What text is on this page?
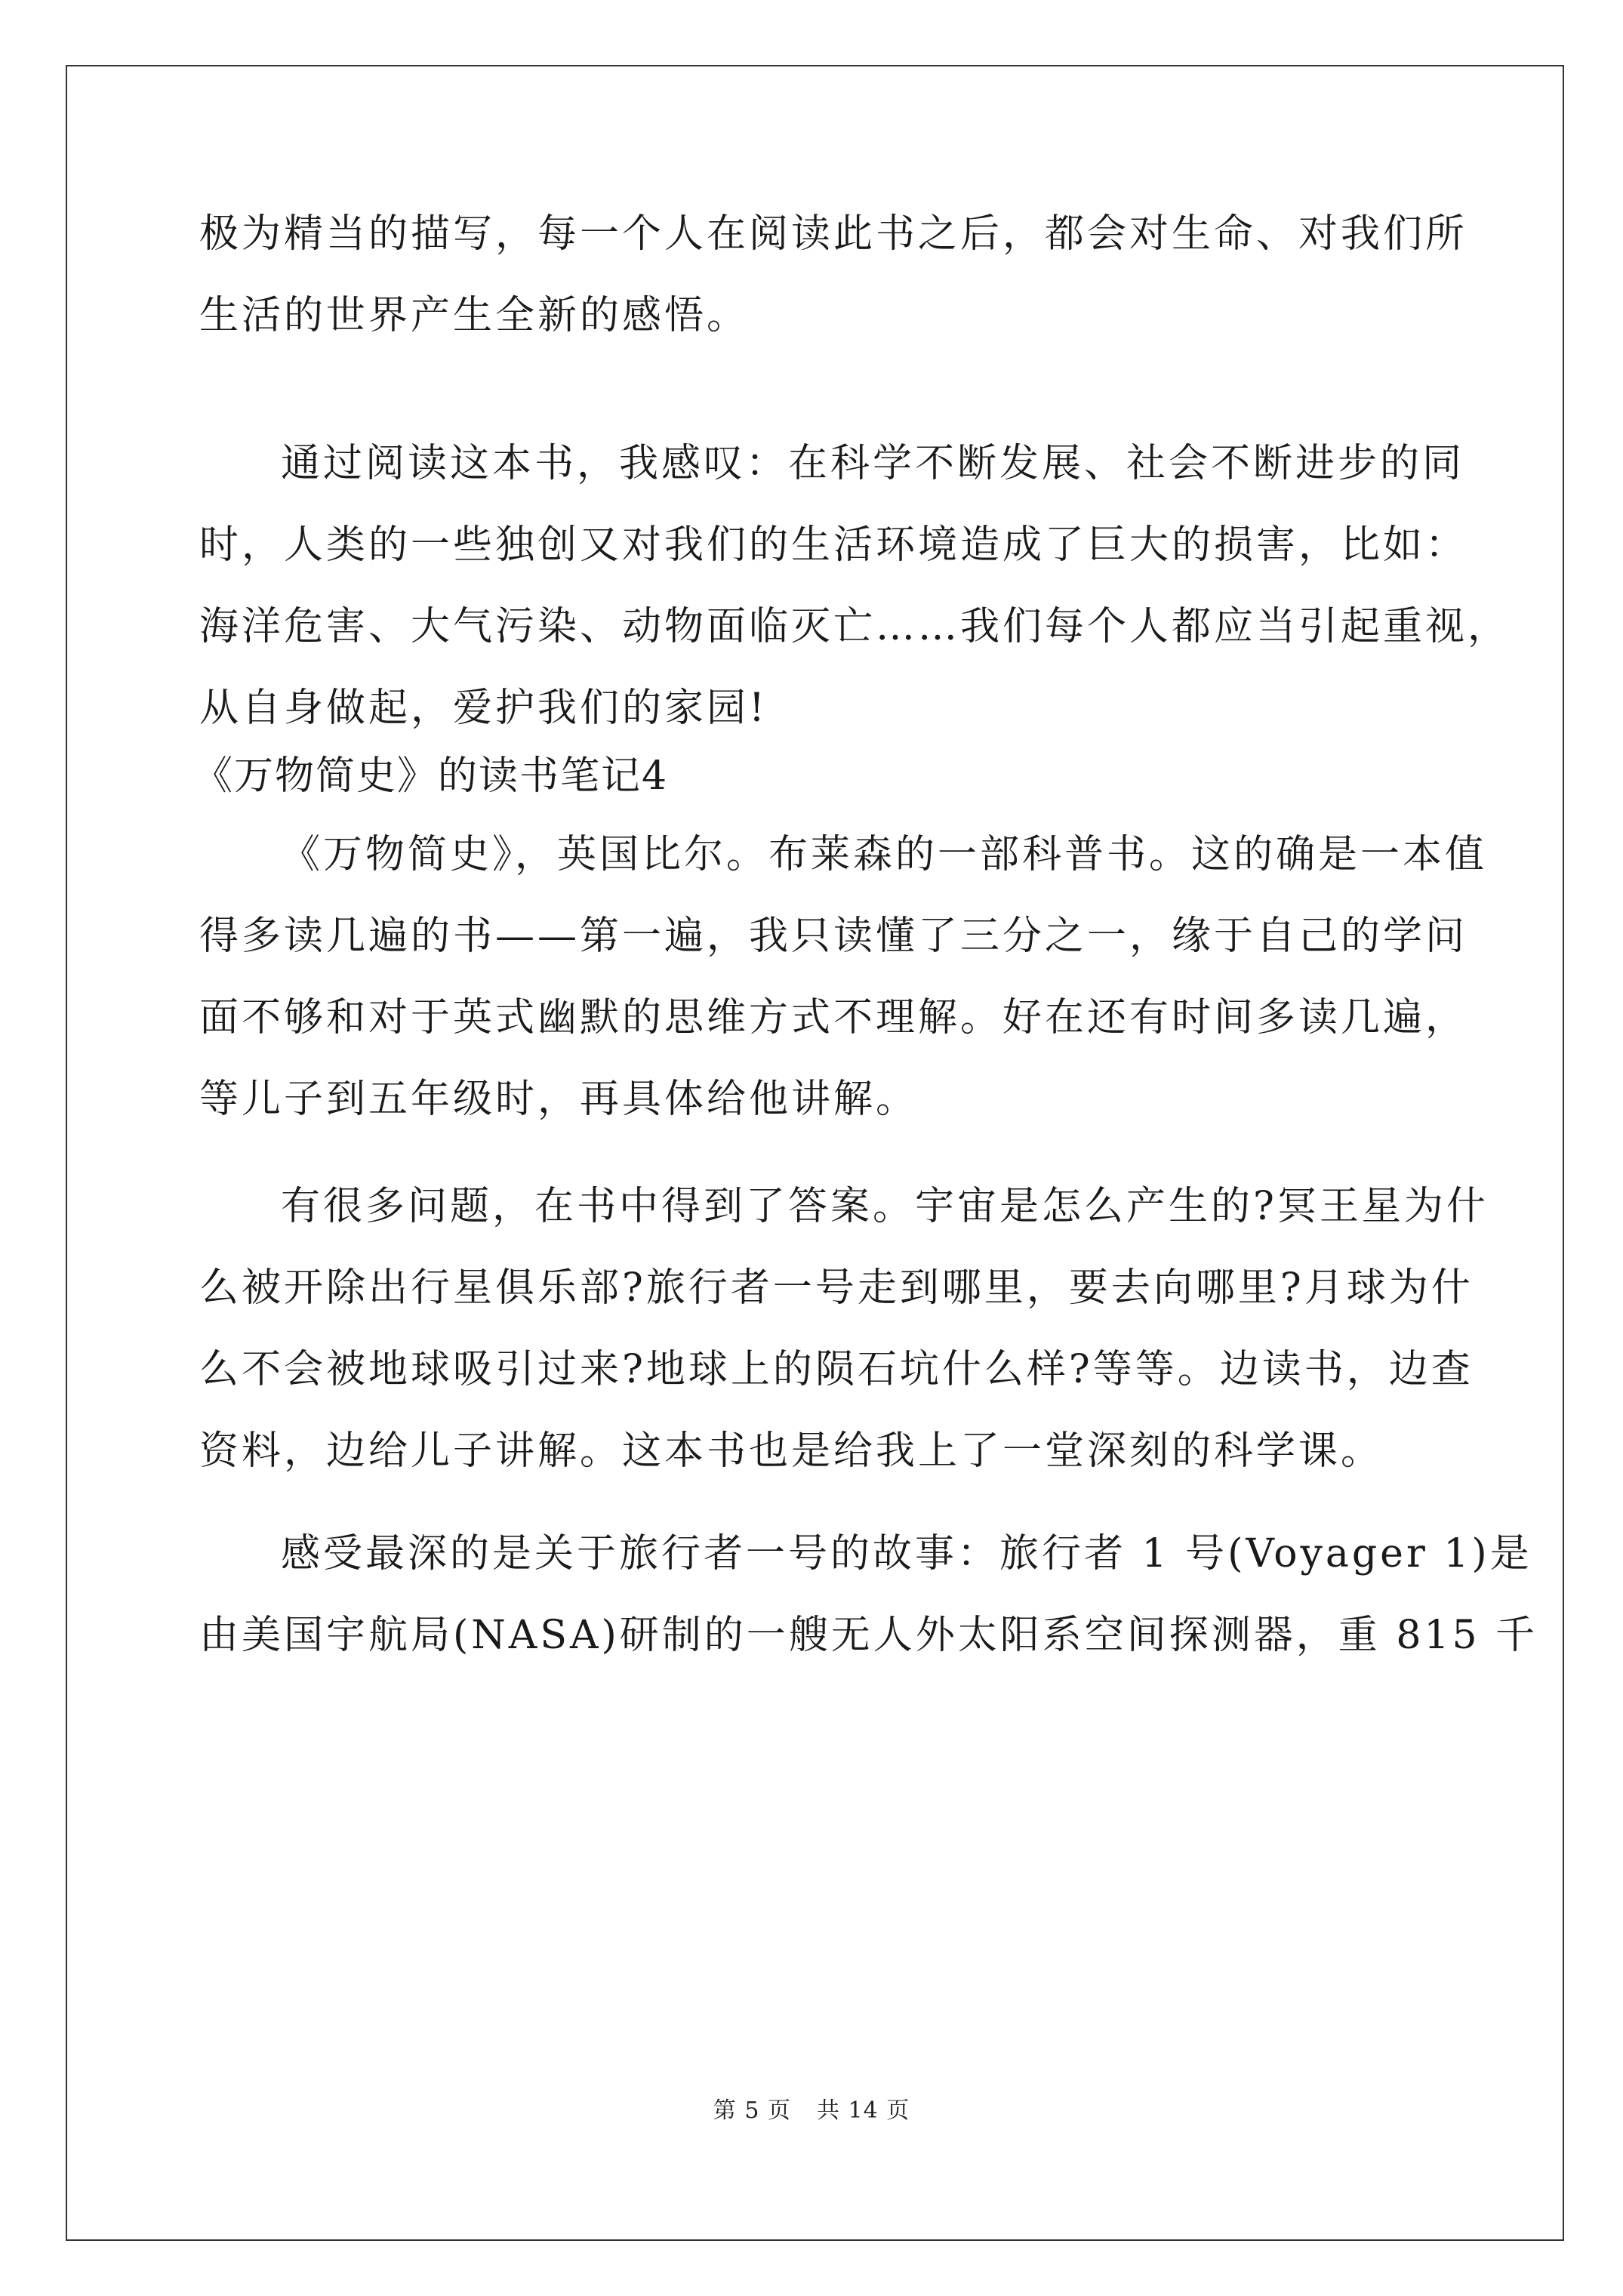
极为精当的描写，每一个人在阅读此书之后，都会对生命、对我们所
生活的世界产生全新的感悟。
通过阅读这本书，我感叹：在科学不断发展、社会不断进步的同
时，人类的一些独创又对我们的生活环境造成了巨大的损害，比如：
海洋危害、大气污染、动物面临灭亡……我们每个人都应当引起重视，
从自身做起，爱护我们的家园!
《万物简史》的读书笔记4
《万物简史》，英国比尔。布莱森的一部科普书。这的确是一本值
得多读几遍的书——第一遍，我只读懂了三分之一，缘于自己的学问
面不够和对于英式幽默的思维方式不理解。好在还有时间多读几遍，
等儿子到五年级时，再具体给他讲解。
有很多问题，在书中得到了答案。宇宙是怎么产生的?冥王星为什
么被开除出行星俱乐部?旅行者一号走到哪里，要去向哪里?月球为什
么不会被地球吸引过来?地球上的陨石坑什么样?等等。边读书，边查
资料，边给儿子讲解。这本书也是给我上了一堂深刻的科学课。
感受最深的是关于旅行者一号的故事：旅行者 1 号(Voyager 1)是
由美国宇航局(NASA)研制的一艘无人外太阳系空间探测器，重 815 千
第 5 页 共 14 页
